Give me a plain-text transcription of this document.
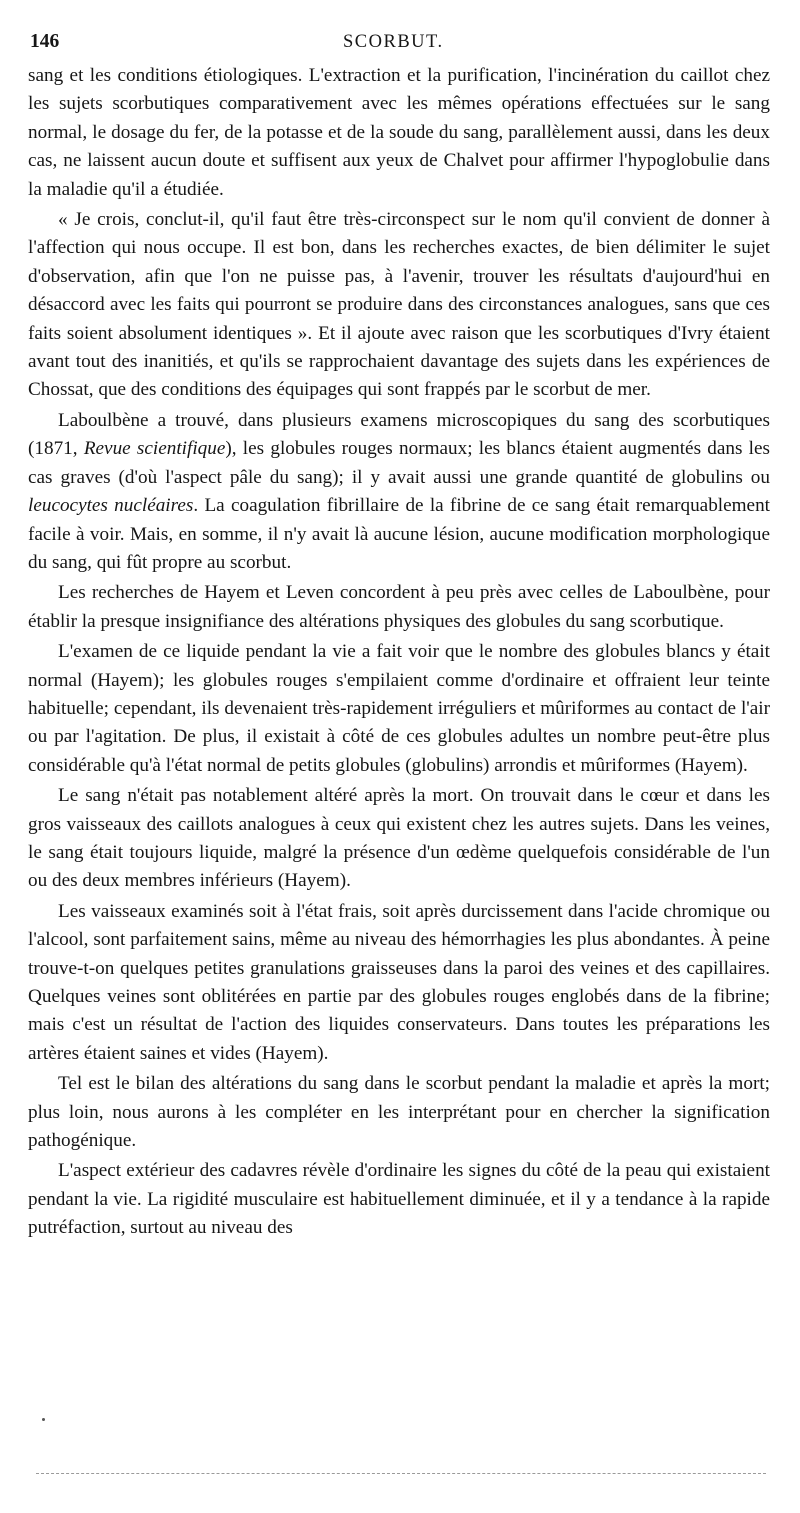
146	SCORBUT.

sang et les conditions étiologiques. L'extraction et la purification, l'incinération du caillot chez les sujets scorbutiques comparativement avec les mêmes opérations effectuées sur le sang normal, le dosage du fer, de la potasse et de la soude du sang, parallèlement aussi, dans les deux cas, ne laissent aucun doute et suffisent aux yeux de Chalvet pour affirmer l'hypoglobulie dans la maladie qu'il a étudiée.

« Je crois, conclut-il, qu'il faut être très-circonspect sur le nom qu'il convient de donner à l'affection qui nous occupe. Il est bon, dans les recherches exactes, de bien délimiter le sujet d'observation, afin que l'on ne puisse pas, à l'avenir, trouver les résultats d'aujourd'hui en désaccord avec les faits qui pourront se produire dans des circonstances analogues, sans que ces faits soient absolument identiques ». Et il ajoute avec raison que les scorbutiques d'Ivry étaient avant tout des inanitiés, et qu'ils se rapprochaient davantage des sujets dans les expériences de Chossat, que des conditions des équipages qui sont frappés par le scorbut de mer.

Laboulbène a trouvé, dans plusieurs examens microscopiques du sang des scorbutiques (1871, Revue scientifique), les globules rouges normaux; les blancs étaient augmentés dans les cas graves (d'où l'aspect pâle du sang); il y avait aussi une grande quantité de globulins ou leucocytes nucléaires. La coagulation fibrillaire de la fibrine de ce sang était remarquablement facile à voir. Mais, en somme, il n'y avait là aucune lésion, aucune modification morphologique du sang, qui fût propre au scorbut.

Les recherches de Hayem et Leven concordent à peu près avec celles de Laboulbène, pour établir la presque insignifiance des altérations physiques des globules du sang scorbutique.

L'examen de ce liquide pendant la vie a fait voir que le nombre des globules blancs y était normal (Hayem); les globules rouges s'empilaient comme d'ordinaire et offraient leur teinte habituelle; cependant, ils devenaient très-rapidement irréguliers et mûriformes au contact de l'air ou par l'agitation. De plus, il existait à côté de ces globules adultes un nombre peut-être plus considérable qu'à l'état normal de petits globules (globulins) arrondis et mûriformes (Hayem).

Le sang n'était pas notablement altéré après la mort. On trouvait dans le cœur et dans les gros vaisseaux des caillots analogues à ceux qui existent chez les autres sujets. Dans les veines, le sang était toujours liquide, malgré la présence d'un œdème quelquefois considérable de l'un ou des deux membres inférieurs (Hayem).

Les vaisseaux examinés soit à l'état frais, soit après durcissement dans l'acide chromique ou l'alcool, sont parfaitement sains, même au niveau des hémorrhagies les plus abondantes. À peine trouve-t-on quelques petites granulations graisseuses dans la paroi des veines et des capillaires. Quelques veines sont oblitérées en partie par des globules rouges englobés dans de la fibrine; mais c'est un résultat de l'action des liquides conservateurs. Dans toutes les préparations les artères étaient saines et vides (Hayem).

Tel est le bilan des altérations du sang dans le scorbut pendant la maladie et après la mort; plus loin, nous aurons à les compléter en les interprétant pour en chercher la signification pathogénique.

L'aspect extérieur des cadavres révèle d'ordinaire les signes du côté de la peau qui existaient pendant la vie. La rigidité musculaire est habituellement diminuée, et il y a tendance à la rapide putréfaction, surtout au niveau des
